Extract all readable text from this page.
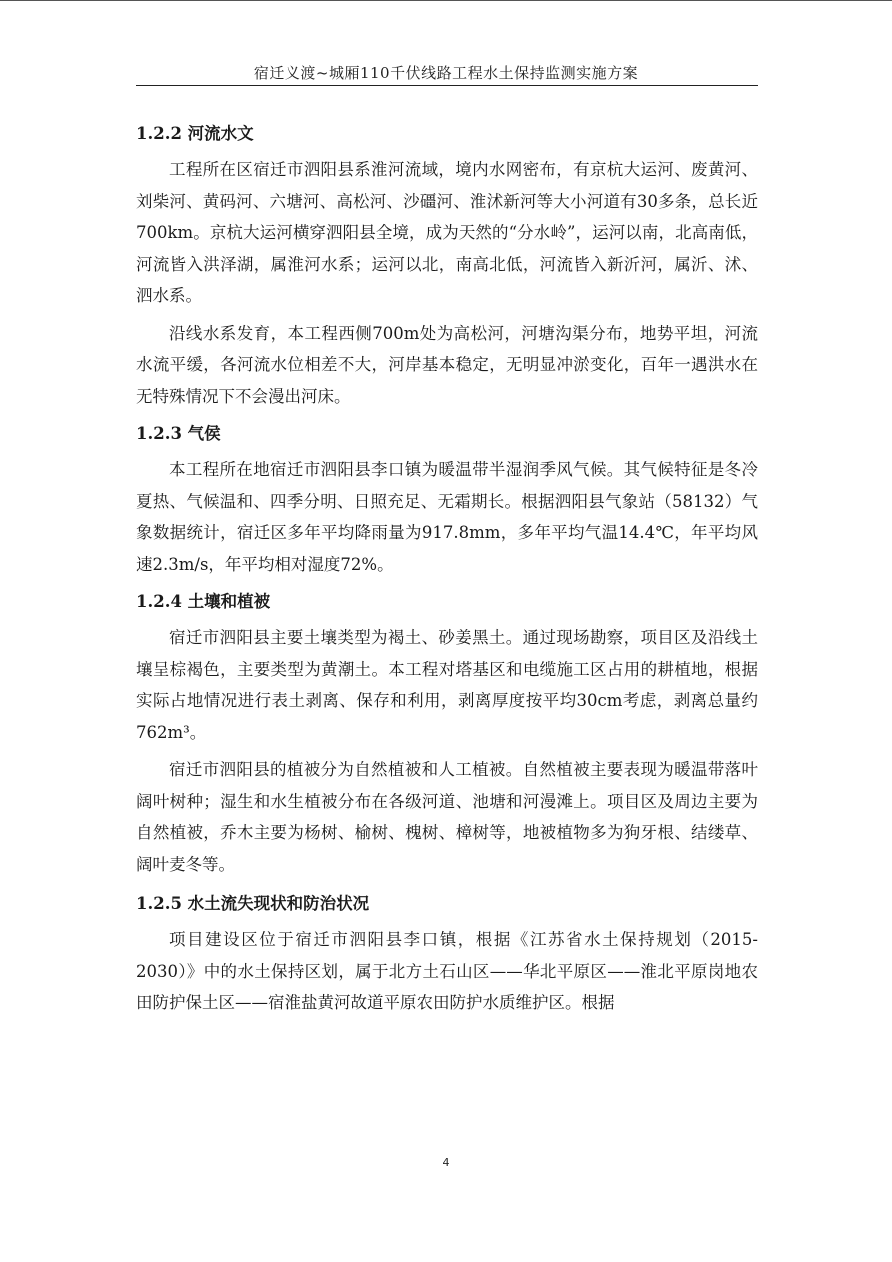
宿迁义渡~城厢110千伏线路工程水土保持监测实施方案
1.2.2 河流水文

工程所在区宿迁市泗阳县系淮河流域，境内水网密布，有京杭大运河、废黄河、刘柴河、黄码河、六塘河、高松河、沙礓河、淮沭新河等大小河道有30多条，总长近700km。京杭大运河横穿泗阳县全境，成为天然的“分水岭”，运河以南，北高南低，河流皆入洪泽湖，属淮河水系；运河以北，南高北低，河流皆入新沂河，属沂、沭、泗水系。

沿线水系发育，本工程西侧700m处为高松河，河塘沟渠分布，地势平坦，河流水流平缓，各河流水位相差不大，河岸基本稳定，无明显冲淤变化，百年一遇洪水在无特殊情况下不会漫出河床。

1.2.3 气侯

本工程所在地宿迁市泗阳县李口镇为暖温带半湿润季风气候。其气候特征是冬冷夏热、气候温和、四季分明、日照充足、无霜期长。根据泗阳县气象站（58132）气象数据统计，宿迁区多年平均降雨量为917.8mm，多年平均气温14.4℃，年平均风速2.3m/s，年平均相对湿度72%。

1.2.4 土壤和植被

宿迁市泗阳县主要土壤类型为褐土、砂姜黑土。通过现场勘察，项目区及沿线土壤呈棕褐色，主要类型为黄潮土。本工程对塔基区和电缆施工区占用的耕植地，根据实际占地情况进行表土剥离、保存和利用，剥离厚度按平均30cm考虑，剥离总量约762m³。

宿迁市泗阳县的植被分为自然植被和人工植被。自然植被主要表现为暖温带落叶阔叶树种；湿生和水生植被分布在各级河道、池塘和河漫滩上。项目区及周边主要为自然植被，乔木主要为杨树、榆树、槐树、樟树等，地被植物多为狗牙根、结缕草、阔叶麦冬等。

1.2.5 水土流失现状和防治状况

项目建设区位于宿迁市泗阳县李口镇，根据《江苏省水土保持规划（2015-2030）》中的水土保持区划，属于北方土石山区——华北平原区——淮北平原岗地农田防护保土区——宿淮盐黄河故道平原农田防护水质维护区。根据

4
